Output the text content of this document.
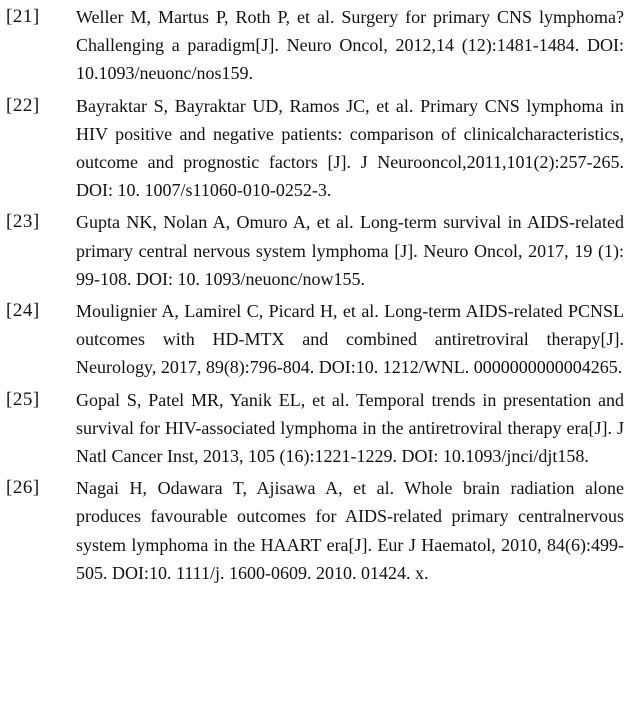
[21]	Weller M, Martus P, Roth P, et al. Surgery for primary CNS lymphoma? Challenging a paradigm[J]. Neuro Oncol, 2012,14 (12):1481-1484. DOI: 10.1093/neuonc/nos159.
[22]	Bayraktar S, Bayraktar UD, Ramos JC, et al. Primary CNS lymphoma in HIV positive and negative patients: comparison of clinicalcharacteristics, outcome and prognostic factors [J]. J Neurooncol,2011,101(2):257-265. DOI: 10. 1007/s11060-010-0252-3.
[23]	Gupta NK, Nolan A, Omuro A, et al. Long-term survival in AIDS-related primary central nervous system lymphoma [J]. Neuro Oncol, 2017, 19 (1): 99-108. DOI: 10. 1093/neuonc/now155.
[24]	Moulignier A, Lamirel C, Picard H, et al. Long-term AIDS-related PCNSL outcomes with HD-MTX and combined antiretroviral therapy[J]. Neurology, 2017, 89(8):796-804. DOI:10. 1212/WNL. 0000000000004265.
[25]	Gopal S, Patel MR, Yanik EL, et al. Temporal trends in presentation and survival for HIV-associated lymphoma in the antiretroviral therapy era[J]. J Natl Cancer Inst, 2013, 105 (16):1221-1229. DOI: 10.1093/jnci/djt158.
[26]	Nagai H, Odawara T, Ajisawa A, et al. Whole brain radiation alone produces favourable outcomes for AIDS-related primary centralnervous system lymphoma in the HAART era[J]. Eur J Haematol, 2010, 84(6):499-505. DOI:10. 1111/j. 1600-0609. 2010. 01424. x.
